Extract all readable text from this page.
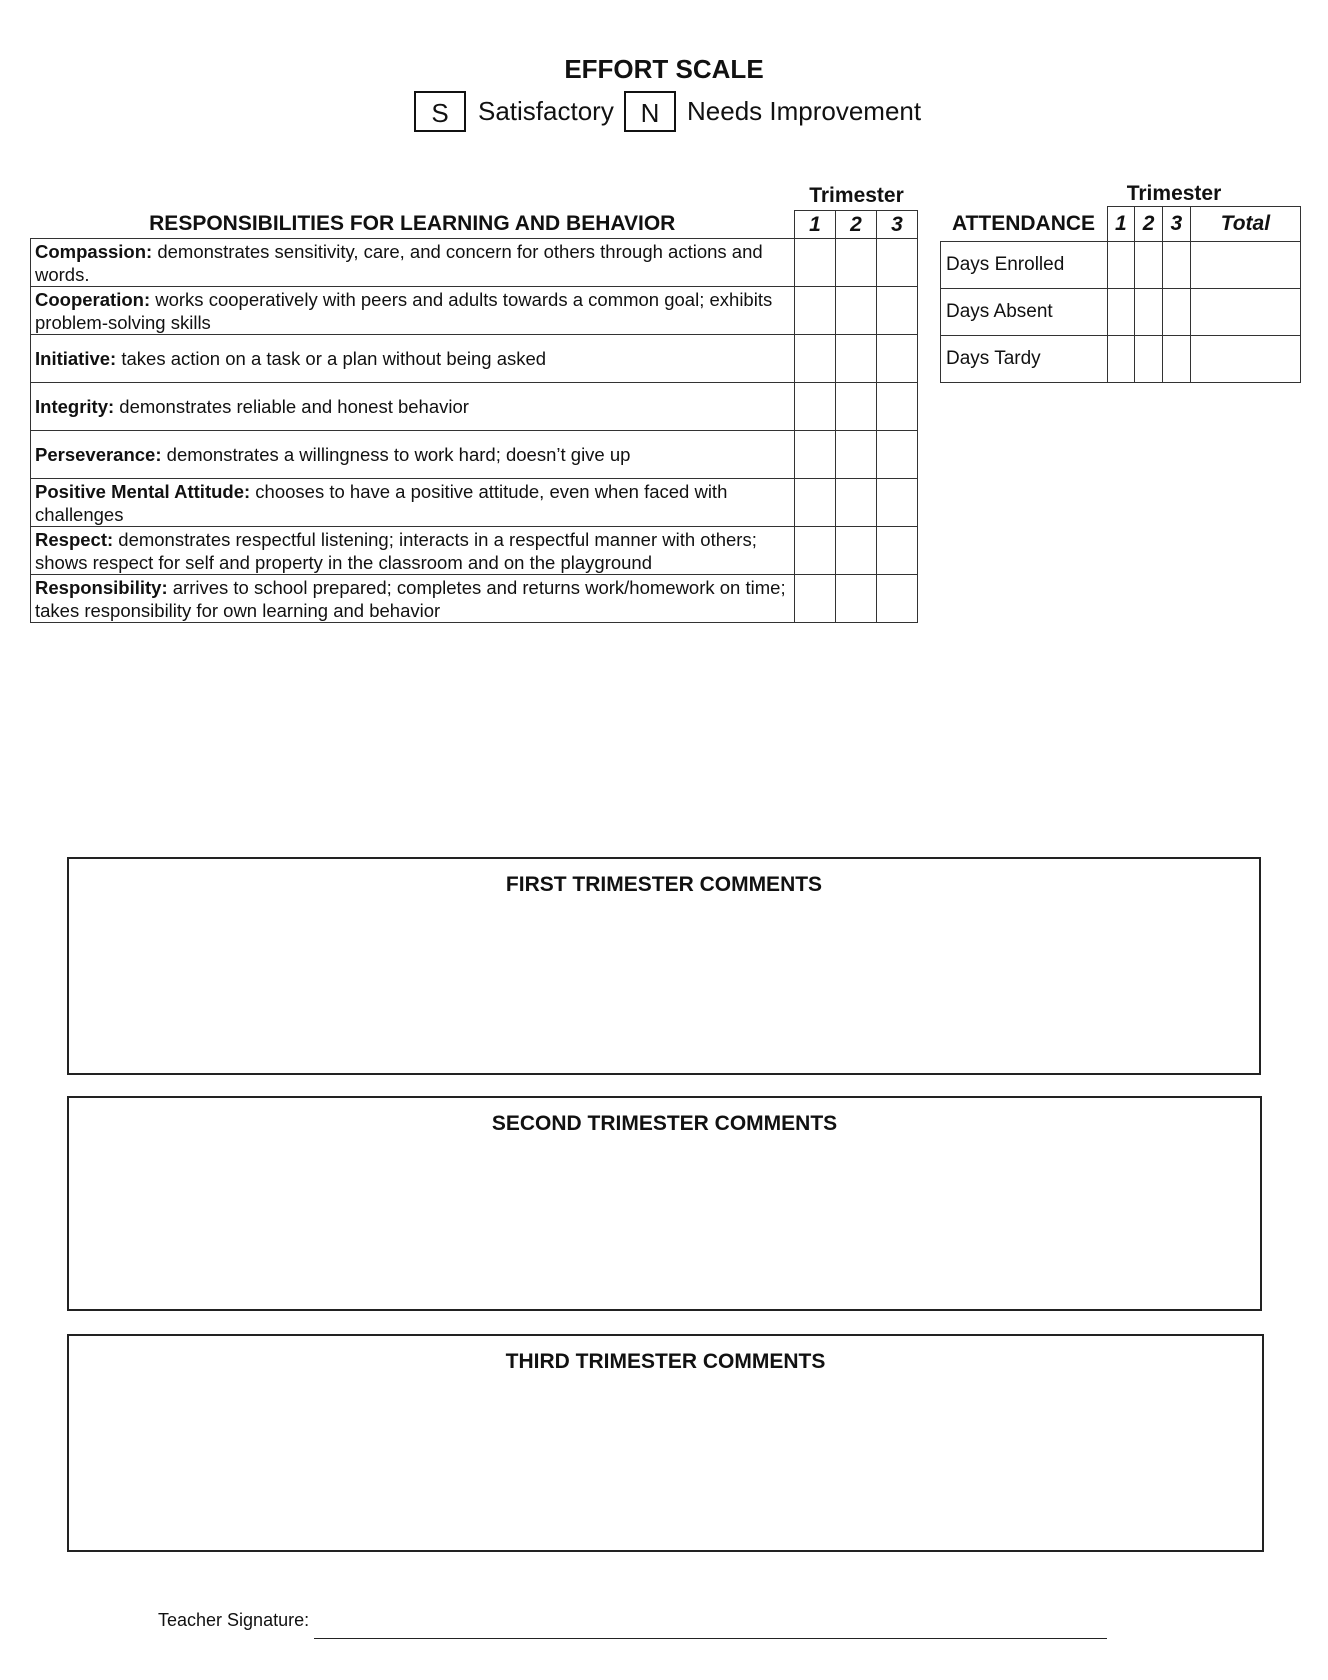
EFFORT SCALE
S	Satisfactory	N	Needs Improvement
Trimester
RESPONSIBILITIES FOR LEARNING AND BEHAVIOR	1	2	3
Compassion: demonstrates sensitivity, care, and concern for others through actions and words.			
Cooperation: works cooperatively with peers and adults towards a common goal; exhibits problem-solving skills			
Initiative: takes action on a task or a plan without being asked			
Integrity: demonstrates reliable and honest behavior			
Perseverance: demonstrates a willingness to work hard; doesn’t give up			
Positive Mental Attitude: chooses to have a positive attitude, even when faced with challenges			
Respect: demonstrates respectful listening; interacts in a respectful manner with others; shows respect for self and property in the classroom and on the playground			
Responsibility: arrives to school prepared; completes and returns work/homework on time; takes responsibility for own learning and behavior			
Trimester
ATTENDANCE	1	2	3	Total
Days Enrolled				
Days Absent				
Days Tardy				
FIRST TRIMESTER COMMENTS
SECOND TRIMESTER COMMENTS
THIRD TRIMESTER COMMENTS
Teacher Signature:
